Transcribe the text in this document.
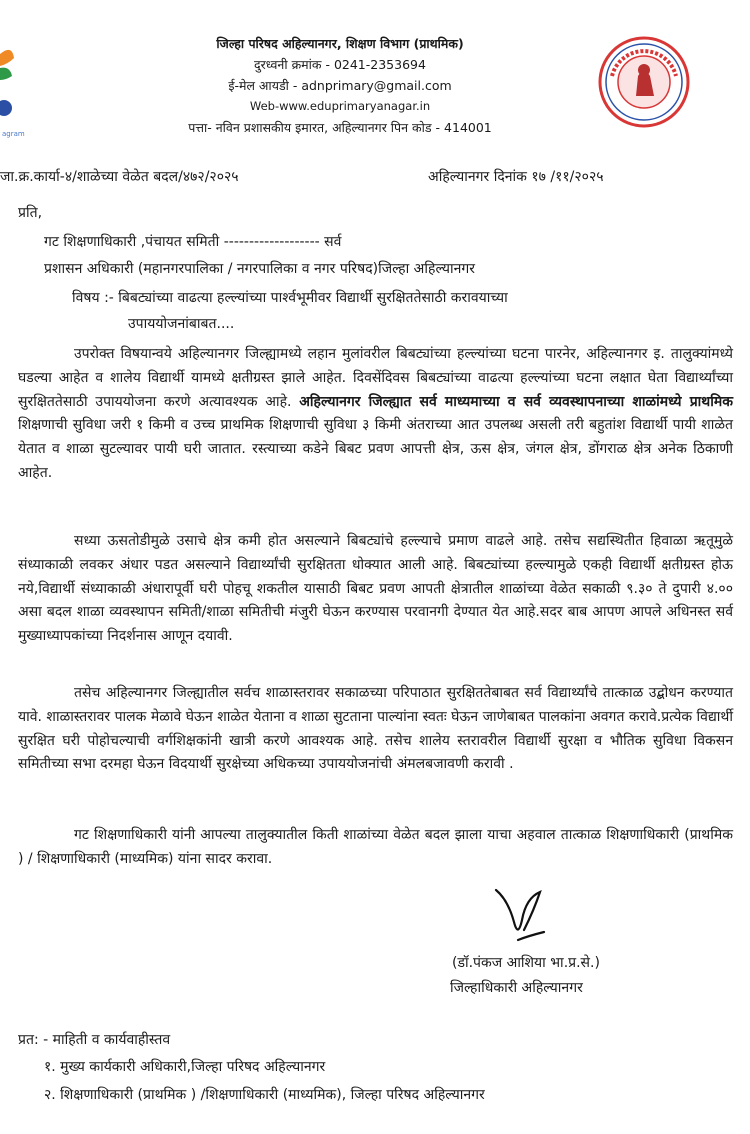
agram
जिल्हा परिषद अहिल्यानगर, शिक्षण विभाग (प्राथमिक)
दुरध्वनी क्रमांक - 0241-2353694
ई-मेल आयडी - adnprimary@gmail.com
Web-www.eduprimaryanagar.in
पत्ता- नविन प्रशासकीय इमारत, अहिल्यानगर पिन कोड - 414001
जा.क्र.कार्या-४/शाळेच्या वेळेत बदल/४७२/२०२५	अहिल्यानगर दिनांक १७ /११/२०२५
प्रति,
गट शिक्षणाधिकारी ,पंचायत समिती ------------------- सर्व
प्रशासन अधिकारी (महानगरपालिका / नगरपालिका व नगर परिषद)जिल्हा अहिल्यानगर
विषय :- बिबट्यांच्या वाढत्या हल्ल्यांच्या पार्श्वभूमीवर विद्यार्थी सुरक्षिततेसाठी करावयाच्या
उपाययोजनांबाबत....
उपरोक्त विषयान्वये अहिल्यानगर जिल्ह्यामध्ये लहान मुलांवरील बिबट्यांच्या हल्ल्यांच्या घटना पारनेर, अहिल्यानगर इ. तालुक्यांमध्ये घडल्या आहेत व शालेय विद्यार्थी यामध्ये क्षतीग्रस्त झाले आहेत. दिवसेंदिवस बिबट्यांच्या वाढत्या हल्ल्यांच्या घटना लक्षात घेता विद्यार्थ्यांच्या सुरक्षिततेसाठी उपाययोजना करणे अत्यावश्यक आहे. अहिल्यानगर जिल्ह्यात सर्व माध्यमाच्या व सर्व व्यवस्थापनाच्या शाळांमध्ये प्राथमिक शिक्षणाची सुविधा जरी १ किमी व उच्च प्राथमिक शिक्षणाची सुविधा ३ किमी अंतराच्या आत उपलब्ध असली तरी बहुतांश विद्यार्थी पायी शाळेत येतात व शाळा सुटल्यावर पायी घरी जातात. रस्त्याच्या कडेने बिबट प्रवण आपत्ती क्षेत्र, ऊस क्षेत्र, जंगल क्षेत्र, डोंगराळ क्षेत्र अनेक ठिकाणी आहेत.
सध्या ऊसतोडीमुळे उसाचे क्षेत्र कमी होत असल्याने बिबट्यांचे हल्ल्याचे प्रमाण वाढले आहे. तसेच सद्यस्थितीत हिवाळा ऋतूमुळे संध्याकाळी लवकर अंधार पडत असल्याने विद्यार्थ्यांची सुरक्षितता धोक्यात आली आहे. बिबट्यांच्या हल्ल्यामुळे एकही विद्यार्थी क्षतीग्रस्त होऊ नये,विद्यार्थी संध्याकाळी अंधारापूर्वी घरी पोहचू शकतील यासाठी बिबट प्रवण आपती क्षेत्रातील शाळांच्या वेळेत सकाळी ९.३० ते दुपारी ४.०० असा बदल शाळा व्यवस्थापन समिती/शाळा समितीची मंजुरी घेऊन करण्यास परवानगी देण्यात येत आहे.सदर बाब आपण आपले अधिनस्त सर्व मुख्याध्यापकांच्या निदर्शनास आणून दयावी.
तसेच अहिल्यानगर जिल्ह्यातील सर्वच शाळास्तरावर सकाळच्या परिपाठात सुरक्षिततेबाबत सर्व विद्यार्थ्यांचे तात्काळ उद्बोधन करण्यात यावे. शाळास्तरावर पालक मेळावे घेऊन शाळेत येताना व शाळा सुटताना पाल्यांना स्वतः घेऊन जाणेबाबत पालकांना अवगत करावे.प्रत्येक विद्यार्थी सुरक्षित घरी पोहोचल्याची वर्गशिक्षकांनी खात्री करणे आवश्यक आहे. तसेच शालेय स्तरावरील विद्यार्थी सुरक्षा व भौतिक सुविधा विकसन समितीच्या सभा दरमहा घेऊन विदयार्थी सुरक्षेच्या अधिकच्या उपाययोजनांची अंमलबजावणी करावी .
गट शिक्षणाधिकारी यांनी आपल्या तालुक्यातील किती शाळांच्या वेळेत बदल झाला याचा अहवाल तात्काळ शिक्षणाधिकारी (प्राथमिक ) / शिक्षणाधिकारी (माध्यमिक) यांना सादर करावा.
(डॉ.पंकज आशिया भा.प्र.से.)
जिल्हाधिकारी अहिल्यानगर
प्रत: - माहिती व कार्यवाहीस्तव
१. मुख्य कार्यकारी अधिकारी,जिल्हा परिषद अहिल्यानगर
२. शिक्षणाधिकारी (प्राथमिक ) /शिक्षणाधिकारी (माध्यमिक), जिल्हा परिषद अहिल्यानगर
